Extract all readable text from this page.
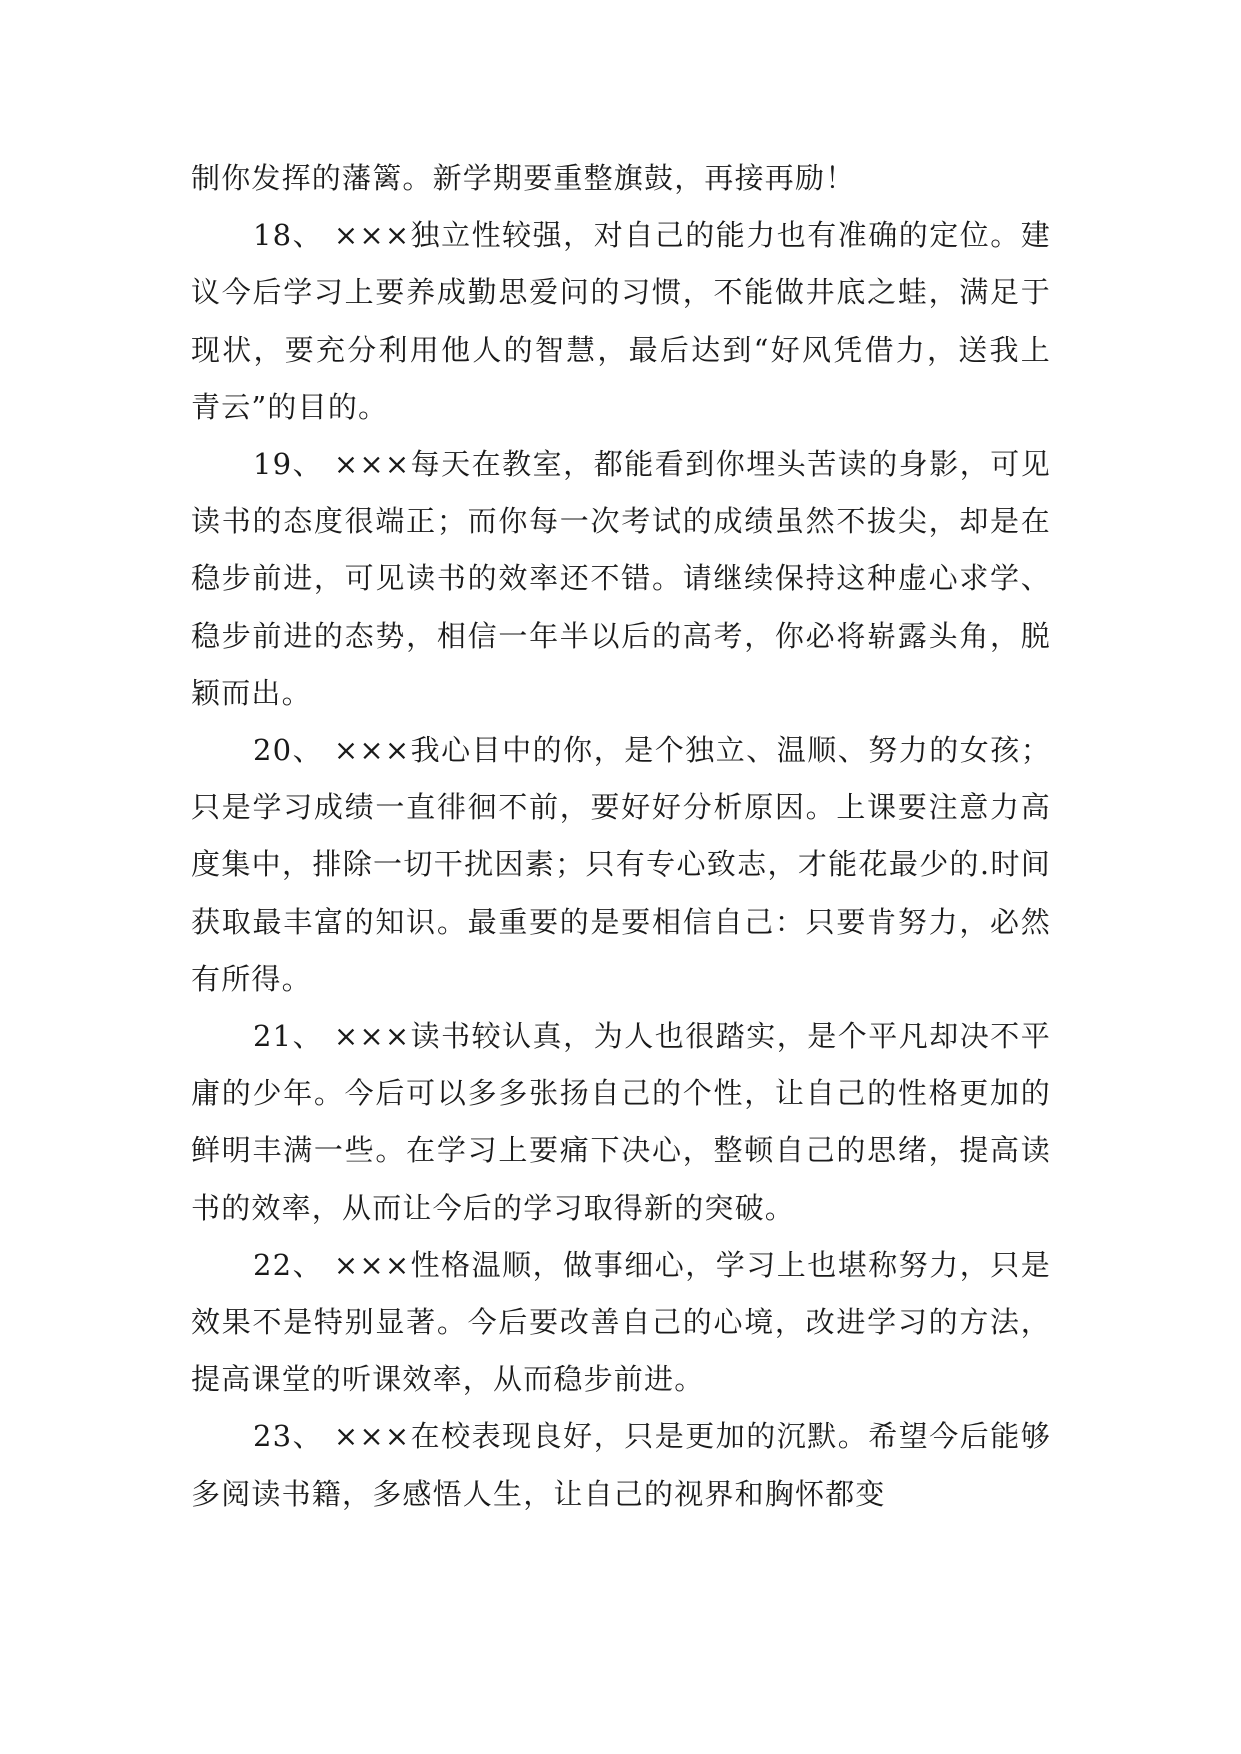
制你发挥的藩篱。新学期要重整旗鼓，再接再励！

18、 ×××独立性较强，对自己的能力也有准确的定位。建议今后学习上要养成勤思爱问的习惯，不能做井底之蛙，满足于现状，要充分利用他人的智慧，最后达到“好风凭借力，送我上青云”的目的。

19、 ×××每天在教室，都能看到你埋头苦读的身影，可见读书的态度很端正；而你每一次考试的成绩虽然不拔尖，却是在稳步前进，可见读书的效率还不错。请继续保持这种虚心求学、稳步前进的态势，相信一年半以后的高考，你必将崭露头角，脱颖而出。

20、 ×××我心目中的你，是个独立、温顺、努力的女孩；只是学习成绩一直徘徊不前，要好好分析原因。上课要注意力高度集中，排除一切干扰因素；只有专心致志，才能花最少的.时间获取最丰富的知识。最重要的是要相信自己：只要肯努力，必然有所得。

21、 ×××读书较认真，为人也很踏实，是个平凡却决不平庸的少年。今后可以多多张扬自己的个性，让自己的性格更加的鲜明丰满一些。在学习上要痛下决心，整顿自己的思绪，提高读书的效率，从而让今后的学习取得新的突破。

22、 ×××性格温顺，做事细心，学习上也堪称努力，只是效果不是特别显著。今后要改善自己的心境，改进学习的方法，提高课堂的听课效率，从而稳步前进。

23、 ×××在校表现良好，只是更加的沉默。希望今后能够多阅读书籍，多感悟人生，让自己的视界和胸怀都变
